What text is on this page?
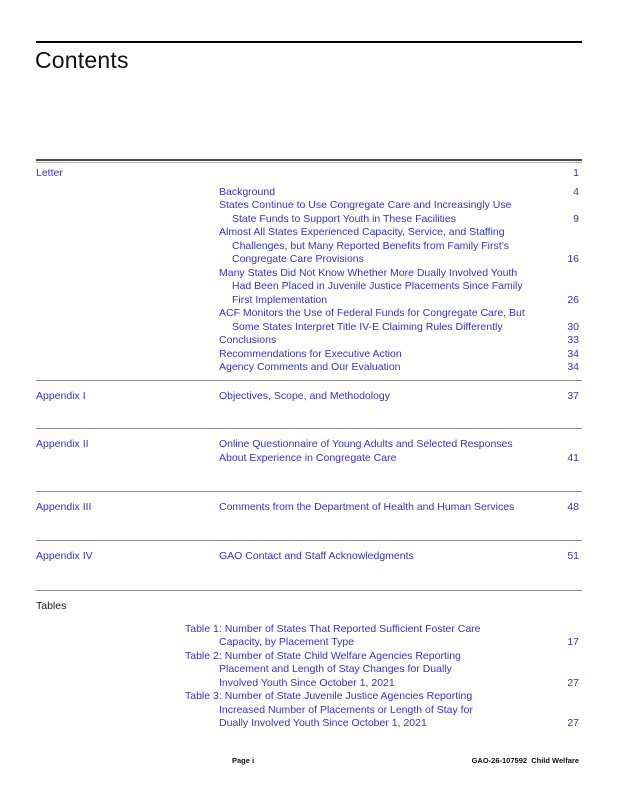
Contents
Letter	1
Background	4
States Continue to Use Congregate Care and Increasingly Use
State Funds to Support Youth in These Facilities	9
Almost All States Experienced Capacity, Service, and Staffing
Challenges, but Many Reported Benefits from Family First’s
Congregate Care Provisions	16
Many States Did Not Know Whether More Dually Involved Youth
Had Been Placed in Juvenile Justice Placements Since Family
First Implementation	26
ACF Monitors the Use of Federal Funds for Congregate Care, But
Some States Interpret Title IV-E Claiming Rules Differently	30
Conclusions	33
Recommendations for Executive Action	34
Agency Comments and Our Evaluation	34
Appendix I	Objectives, Scope, and Methodology	37
Appendix II	Online Questionnaire of Young Adults and Selected Responses
About Experience in Congregate Care	41
Appendix III	Comments from the Department of Health and Human Services	48
Appendix IV	GAO Contact and Staff Acknowledgments	51
Tables
Table 1: Number of States That Reported Sufficient Foster Care
Capacity, by Placement Type	17
Table 2: Number of State Child Welfare Agencies Reporting
Placement and Length of Stay Changes for Dually
Involved Youth Since October 1, 2021	27
Table 3: Number of State Juvenile Justice Agencies Reporting
Increased Number of Placements or Length of Stay for
Dually Involved Youth Since October 1, 2021	27
Page i	GAO-26-107592  Child Welfare
